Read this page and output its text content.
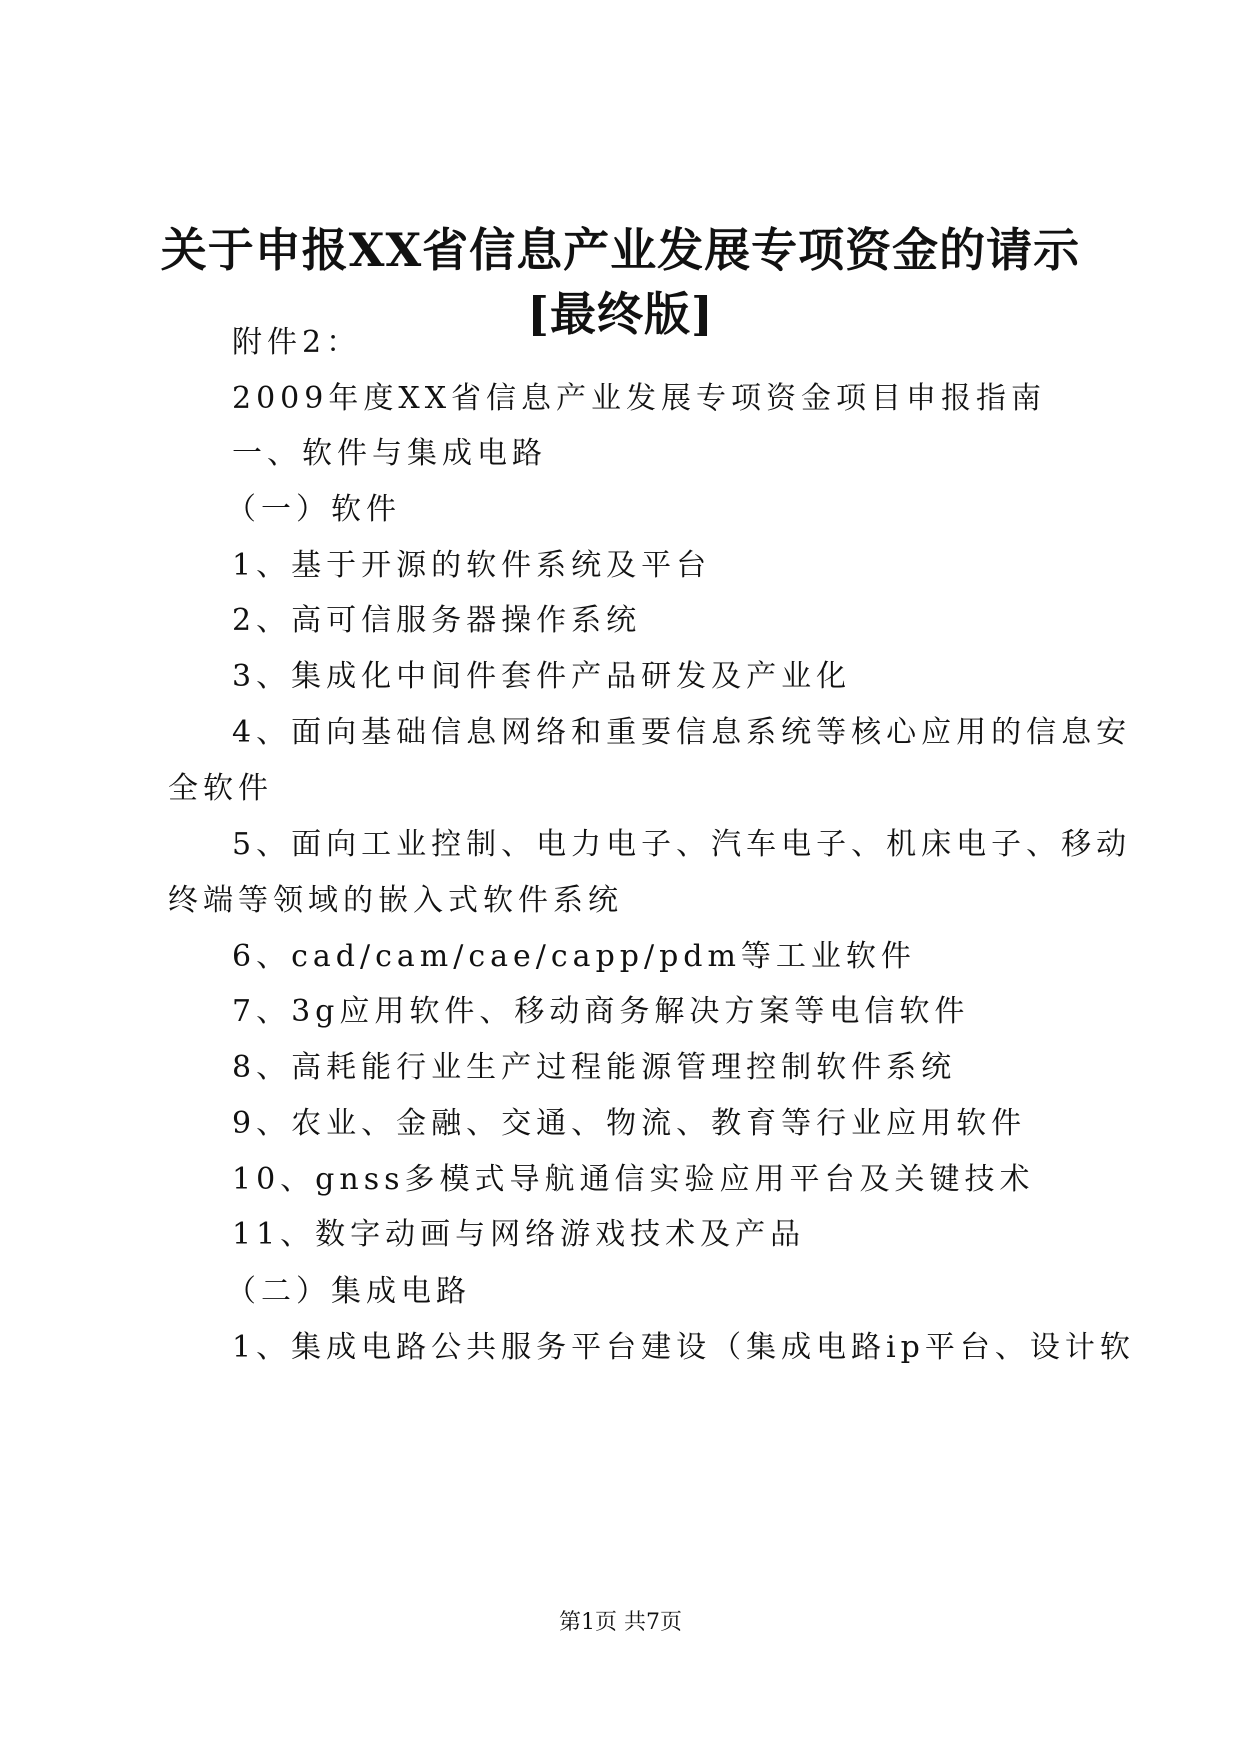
关于申报XX省信息产业发展专项资金的请示
[最终版]
附件2：
2009年度XX省信息产业发展专项资金项目申报指南
一、软件与集成电路
（一）软件
1、基于开源的软件系统及平台
2、高可信服务器操作系统
3、集成化中间件套件产品研发及产业化
4、面向基础信息网络和重要信息系统等核心应用的信息安
全软件
5、面向工业控制、电力电子、汽车电子、机床电子、移动
终端等领域的嵌入式软件系统
6、cad/cam/cae/capp/pdm等工业软件
7、3g应用软件、移动商务解决方案等电信软件
8、高耗能行业生产过程能源管理控制软件系统
9、农业、金融、交通、物流、教育等行业应用软件
10、gnss多模式导航通信实验应用平台及关键技术
11、数字动画与网络游戏技术及产品
（二）集成电路
1、集成电路公共服务平台建设（集成电路ip平台、设计软
第1页 共7页
